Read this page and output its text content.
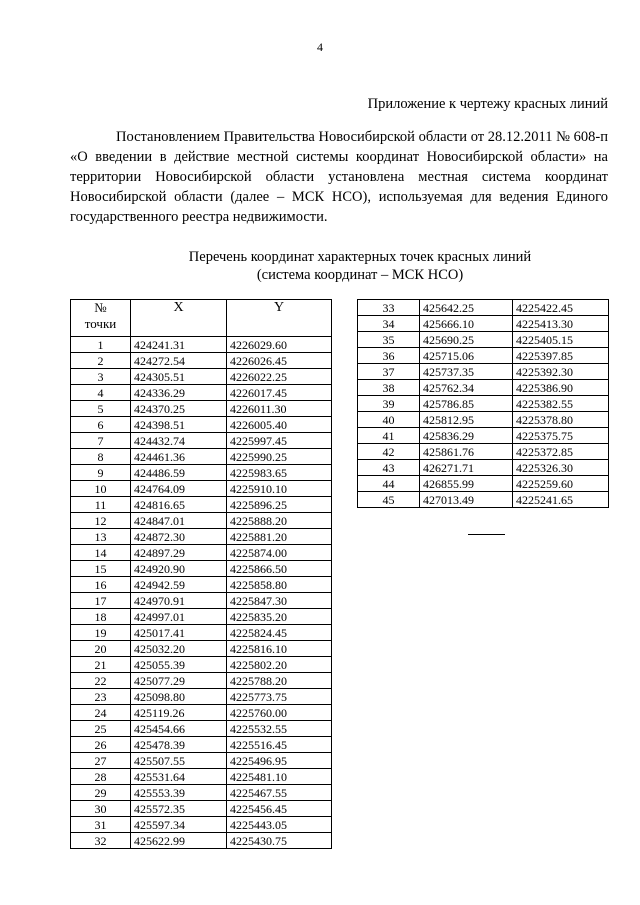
4
Приложение к чертежу красных линий

Постановлением Правительства Новосибирской области от 28.12.2011 № 608-п «О введении в действие местной системы координат Новосибирской области» на территории Новосибирской области установлена местная система координат Новосибирской области (далее – МСК НСО), используемая для ведения Единого государственного реестра недвижимости.

Перечень координат характерных точек красных линий
(система координат – МСК НСО)
№
точки	X	Y
1	424241.31	4226029.60
2	424272.54	4226026.45
3	424305.51	4226022.25
4	424336.29	4226017.45
5	424370.25	4226011.30
6	424398.51	4226005.40
7	424432.74	4225997.45
8	424461.36	4225990.25
9	424486.59	4225983.65
10	424764.09	4225910.10
11	424816.65	4225896.25
12	424847.01	4225888.20
13	424872.30	4225881.20
14	424897.29	4225874.00
15	424920.90	4225866.50
16	424942.59	4225858.80
17	424970.91	4225847.30
18	424997.01	4225835.20
19	425017.41	4225824.45
20	425032.20	4225816.10
21	425055.39	4225802.20
22	425077.29	4225788.20
23	425098.80	4225773.75
24	425119.26	4225760.00
25	425454.66	4225532.55
26	425478.39	4225516.45
27	425507.55	4225496.95
28	425531.64	4225481.10
29	425553.39	4225467.55
30	425572.35	4225456.45
31	425597.34	4225443.05
32	425622.99	4225430.75
33	425642.25	4225422.45
34	425666.10	4225413.30
35	425690.25	4225405.15
36	425715.06	4225397.85
37	425737.35	4225392.30
38	425762.34	4225386.90
39	425786.85	4225382.55
40	425812.95	4225378.80
41	425836.29	4225375.75
42	425861.76	4225372.85
43	426271.71	4225326.30
44	426855.99	4225259.60
45	427013.49	4225241.65
